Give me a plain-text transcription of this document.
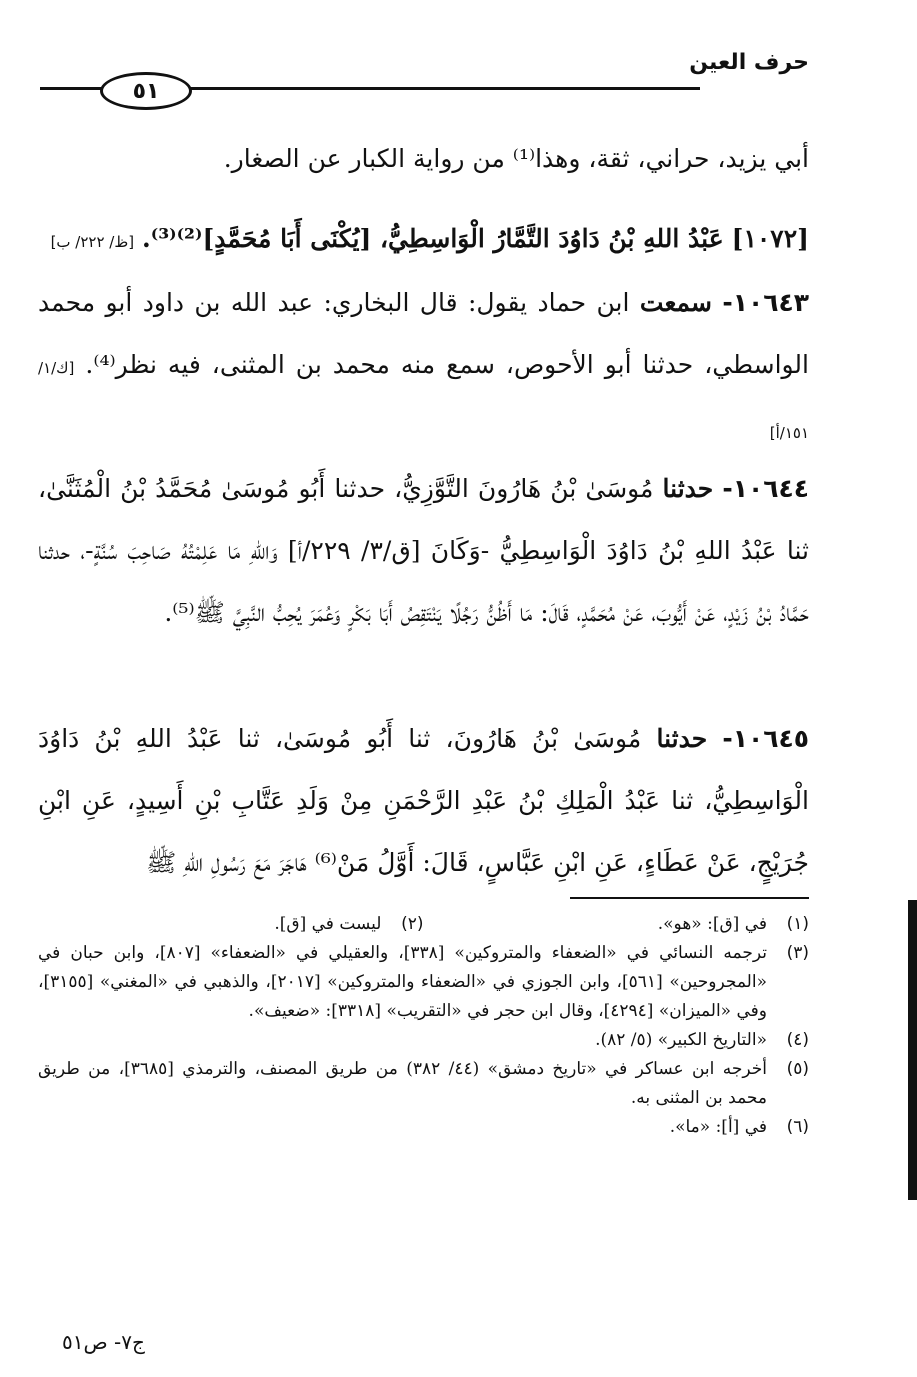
حرف العين
٥١

أبي يزيد، حراني، ثقة، وهذا⁽¹⁾ من رواية الكبار عن الصغار.

[١٠٧٢] عَبْدُ اللهِ بْنُ دَاوُدَ التَّمَّارُ الْوَاسِطِيُّ، [يُكْنَى أَبَا مُحَمَّدٍ]⁽²⁾⁽³⁾. [ظ/ ٢٢٢/ ب]

١٠٦٤٣- سمعت ابن حماد يقول: قال البخاري: عبد الله بن داود أبو محمد الواسطي، حدثنا أبو الأحوص، سمع منه محمد بن المثنى، فيه نظر⁽⁴⁾. [ك/١/ ١٥١/أ]

١٠٦٤٤- حدثنا مُوسَىٰ بْنُ هَارُونَ التَّوَّزِيُّ، حدثنا أَبُو مُوسَىٰ مُحَمَّدُ بْنُ الْمُثَنَّىٰ، ثنا عَبْدُ اللهِ بْنُ دَاوُدَ الْوَاسِطِيُّ -وَكَانَ [ق/٣/ ٢٢٩/أ] وَاللهِ مَا عَلِمْتُهُ صَاحِبَ سُنَّةٍ-، حدثنا حَمَّادُ بْنُ زَيْدٍ، عَنْ أَيُّوبَ، عَنْ مُحَمَّدٍ، قَالَ: مَا أَظُنُّ رَجُلًا يَنْتَقِصُ أَبَا بَكْرٍ وَعُمَرَ يُحِبُّ النَّبِيَّ ﷺ⁽⁵⁾.

١٠٦٤٥- حدثنا مُوسَىٰ بْنُ هَارُونَ، ثنا أَبُو مُوسَىٰ، ثنا عَبْدُ اللهِ بْنُ دَاوُدَ الْوَاسِطِيُّ، ثنا عَبْدُ الْمَلِكِ بْنُ عَبْدِ الرَّحْمَنِ مِنْ وَلَدِ عَتَّابِ بْنِ أَسِيدٍ، عَنِ ابْنِ جُرَيْجٍ، عَنْ عَطَاءٍ، عَنِ ابْنِ عَبَّاسٍ، قَالَ: أَوَّلُ مَنْ⁽⁶⁾ هَاجَرَ مَعَ رَسُولِ اللهِ ﷺ

(١)
في [ق]: «هو».
(٢)
ليست في [ق].
(٣)
ترجمه النسائي في «الضعفاء والمتروكين» [٣٣٨]، والعقيلي في «الضعفاء» [٨٠٧]، وابن حبان في «المجروحين» [٥٦١]، وابن الجوزي في «الضعفاء والمتروكين» [٢٠١٧]، والذهبي في «المغني» [٣١٥٥]، وفي «الميزان» [٤٢٩٤]، وقال ابن حجر في «التقريب» [٣٣١٨]: «ضعيف».
(٤)
«التاريخ الكبير» (٥/ ٨٢).
(٥)
أخرجه ابن عساكر في «تاريخ دمشق» (٤٤/ ٣٨٢) من طريق المصنف، والترمذي [٣٦٨٥]، من طريق محمد بن المثنى به.
(٦)
في [أ]: «ما».
ج٧- ص٥١
